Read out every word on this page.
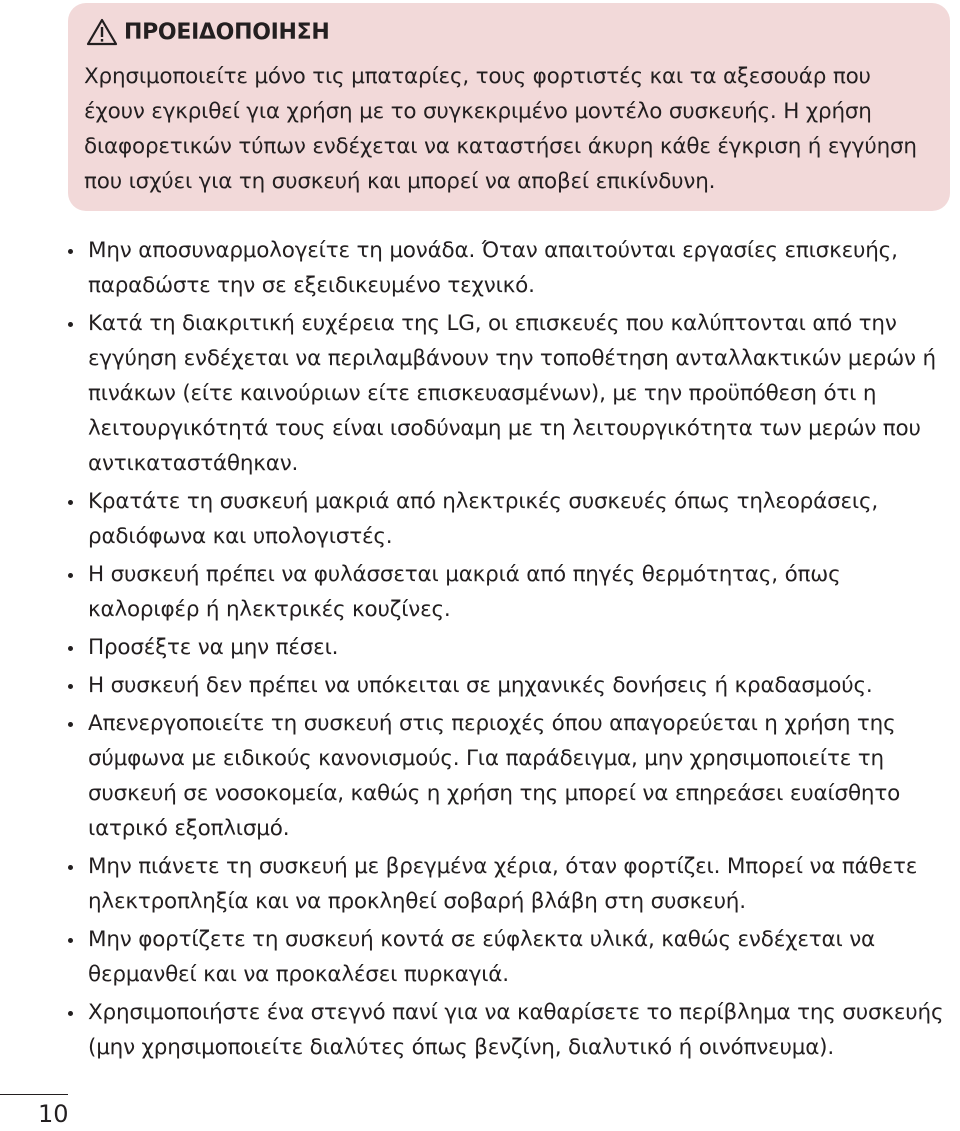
ΠΡΟΕΙΔΟΠΟΙΗΣΗ
Χρησιμοποιείτε μόνο τις μπαταρίες, τους φορτιστές και τα αξεσουάρ που έχουν εγκριθεί για χρήση με το συγκεκριμένο μοντέλο συσκευής. Η χρήση διαφορετικών τύπων ενδέχεται να καταστήσει άκυρη κάθε έγκριση ή εγγύηση που ισχύει για τη συσκευή και μπορεί να αποβεί επικίνδυνη.
Μην αποσυναρμολογείτε τη μονάδα. Όταν απαιτούνται εργασίες επισκευής, παραδώστε την σε εξειδικευμένο τεχνικό.
Κατά τη διακριτική ευχέρεια της LG, οι επισκευές που καλύπτονται από την εγγύηση ενδέχεται να περιλαμβάνουν την τοποθέτηση ανταλλακτικών μερών ή πινάκων (είτε καινούριων είτε επισκευασμένων), με την προϋπόθεση ότι η λειτουργικότητά τους είναι ισοδύναμη με τη λειτουργικότητα των μερών που αντικαταστάθηκαν.
Κρατάτε τη συσκευή μακριά από ηλεκτρικές συσκευές όπως τηλεοράσεις, ραδιόφωνα και υπολογιστές.
Η συσκευή πρέπει να φυλάσσεται μακριά από πηγές θερμότητας, όπως καλοριφέρ ή ηλεκτρικές κουζίνες.
Προσέξτε να μην πέσει.
Η συσκευή δεν πρέπει να υπόκειται σε μηχανικές δονήσεις ή κραδασμούς.
Απενεργοποιείτε τη συσκευή στις περιοχές όπου απαγορεύεται η χρήση της σύμφωνα με ειδικούς κανονισμούς. Για παράδειγμα, μην χρησιμοποιείτε τη συσκευή σε νοσοκομεία, καθώς η χρήση της μπορεί να επηρεάσει ευαίσθητο ιατρικό εξοπλισμό.
Μην πιάνετε τη συσκευή με βρεγμένα χέρια, όταν φορτίζει. Μπορεί να πάθετε ηλεκτροπληξία και να προκληθεί σοβαρή βλάβη στη συσκευή.
Μην φορτίζετε τη συσκευή κοντά σε εύφλεκτα υλικά, καθώς ενδέχεται να θερμανθεί και να προκαλέσει πυρκαγιά.
Χρησιμοποιήστε ένα στεγνό πανί για να καθαρίσετε το περίβλημα της συσκευής (μην χρησιμοποιείτε διαλύτες όπως βενζίνη, διαλυτικό ή οινόπνευμα).
10
